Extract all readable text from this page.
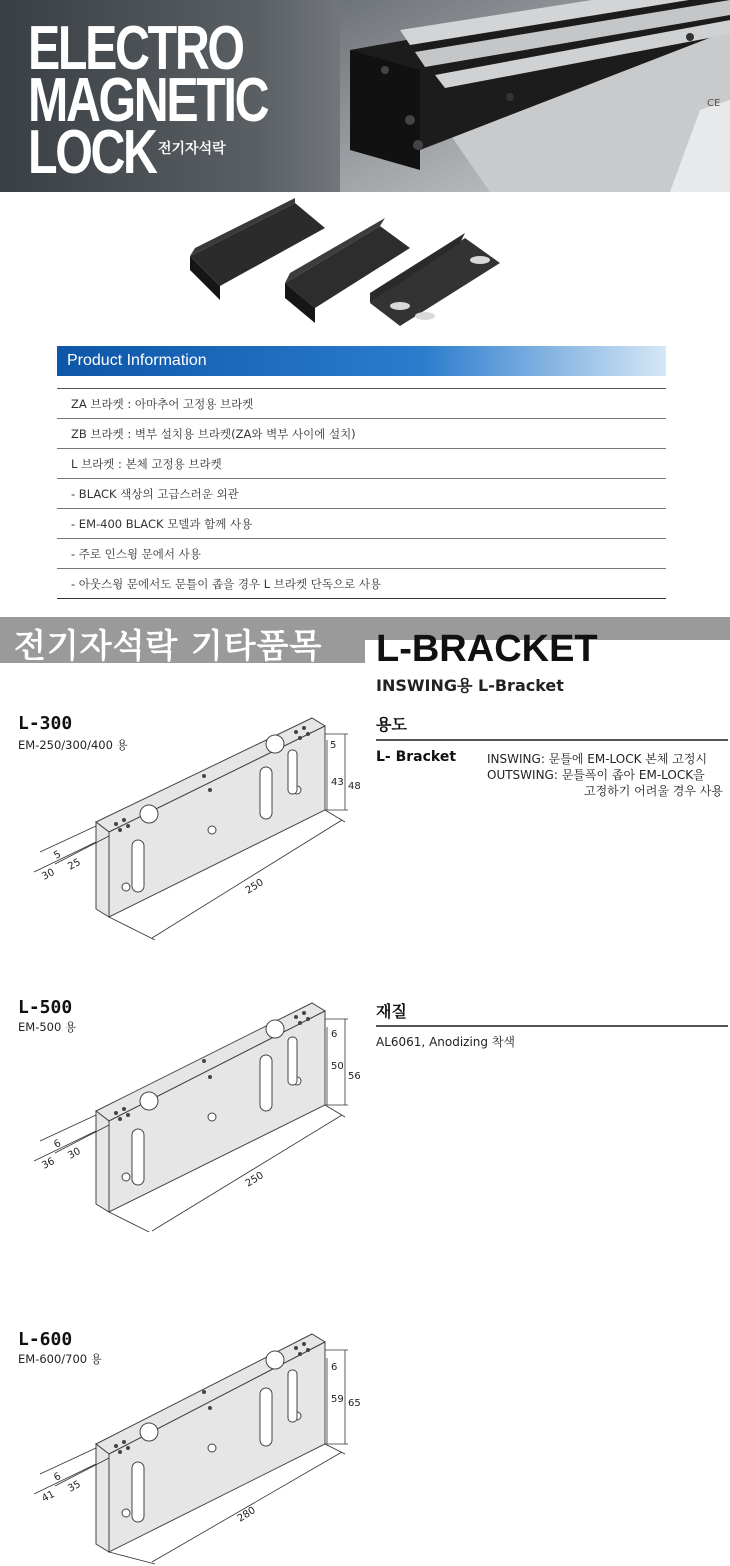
CE
ELECTRO
MAGNETIC
LOCK 전기자석락
Product Information
ZA 브라켓 : 아마추어 고정용 브라켓
ZB 브라켓 : 벽부 설치용 브라켓(ZA와 벽부 사이에 설치)
L 브라켓 : 본체 고정용 브라켓
- BLACK 색상의 고급스러운 외관
- EM-400 BLACK 모델과 함께 사용
- 주로 인스윙 문에서 사용
- 아웃스윙 문에서도 문틀이 좁을 경우 L 브라켓 단독으로 사용
전기자석락 기타품목 L-BRACKET
INSWING용 L-Bracket
용도
L- Bracket	INSWING: 문틀에 EM-LOCK 본체 고정시
OUTSWING: 문틀폭이 좁아 EM-LOCK을
고정하기 어려울 경우 사용
재질
AL6061, Anodizing 착색
L-300
EM-250/300/400 용
L-500
EM-500 용
L-600
EM-600/700 용
5
43 48
5
25
30
250
6
50
56
6
30
36
250
6
59 65
6
35
41
280
